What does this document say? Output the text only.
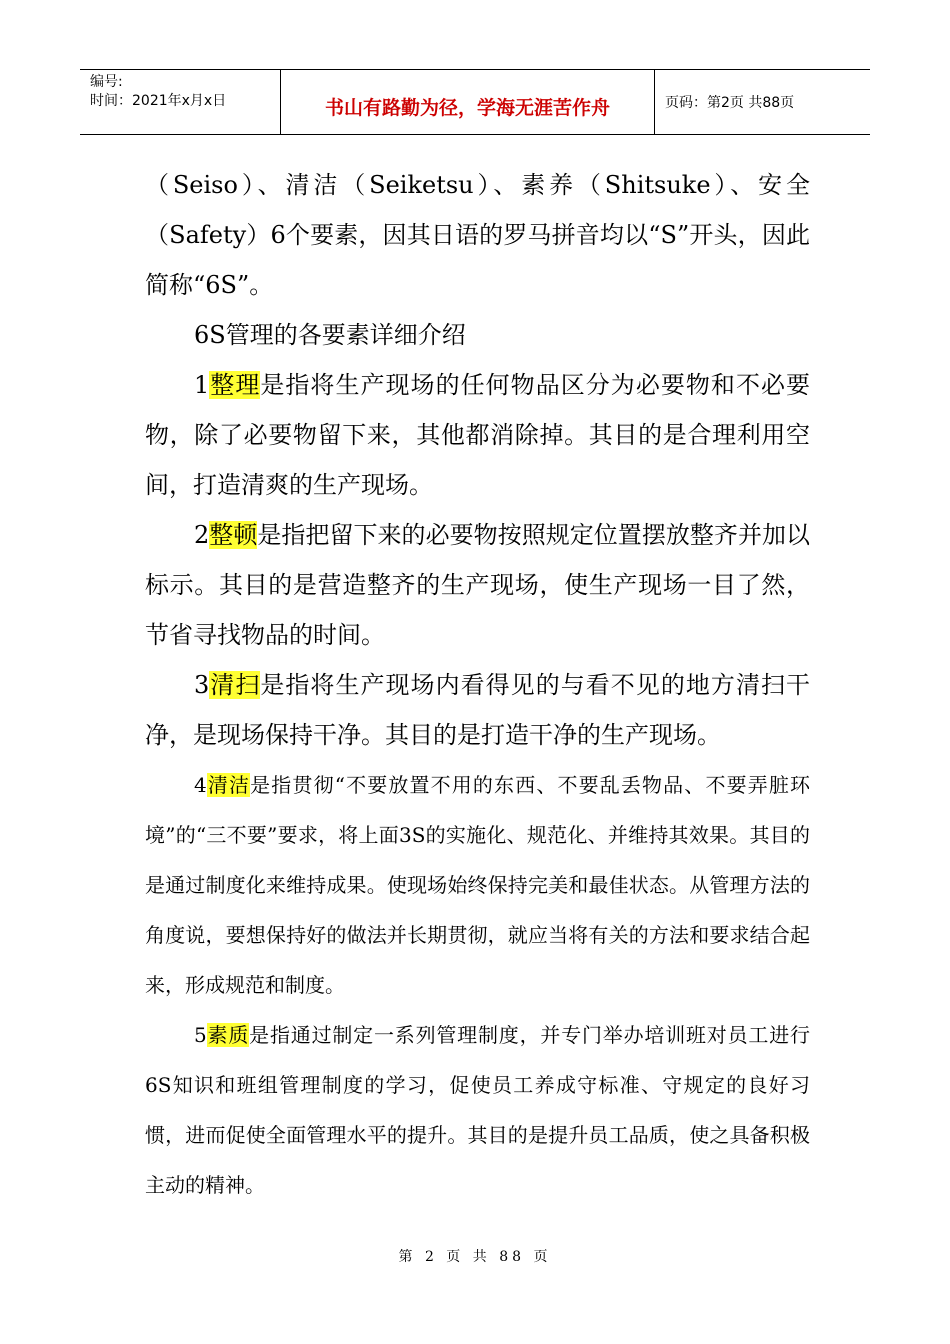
编号:
时间：2021年x月x日	书山有路勤为径，学海无涯苦作舟	页码：第2页 共88页

（Seiso）、清洁（Seiketsu）、素养（Shitsuke）、安全（Safety）6个要素，因其日语的罗马拼音均以“S”开头，因此简称“6S”。

6S管理的各要素详细介绍

1整理是指将生产现场的任何物品区分为必要物和不必要物，除了必要物留下来，其他都消除掉。其目的是合理利用空间，打造清爽的生产现场。

2整顿是指把留下来的必要物按照规定位置摆放整齐并加以标示。其目的是营造整齐的生产现场，使生产现场一目了然，节省寻找物品的时间。

3清扫是指将生产现场内看得见的与看不见的地方清扫干净，是现场保持干净。其目的是打造干净的生产现场。

4清洁是指贯彻“不要放置不用的东西、不要乱丢物品、不要弄脏环境”的“三不要”要求，将上面3S的实施化、规范化、并维持其效果。其目的是通过制度化来维持成果。使现场始终保持完美和最佳状态。从管理方法的角度说，要想保持好的做法并长期贯彻，就应当将有关的方法和要求结合起来，形成规范和制度。

5素质是指通过制定一系列管理制度，并专门举办培训班对员工进行6S知识和班组管理制度的学习，促使员工养成守标准、守规定的良好习惯，进而促使全面管理水平的提升。其目的是提升员工品质，使之具备积极主动的精神。

第 2 页 共 88 页
